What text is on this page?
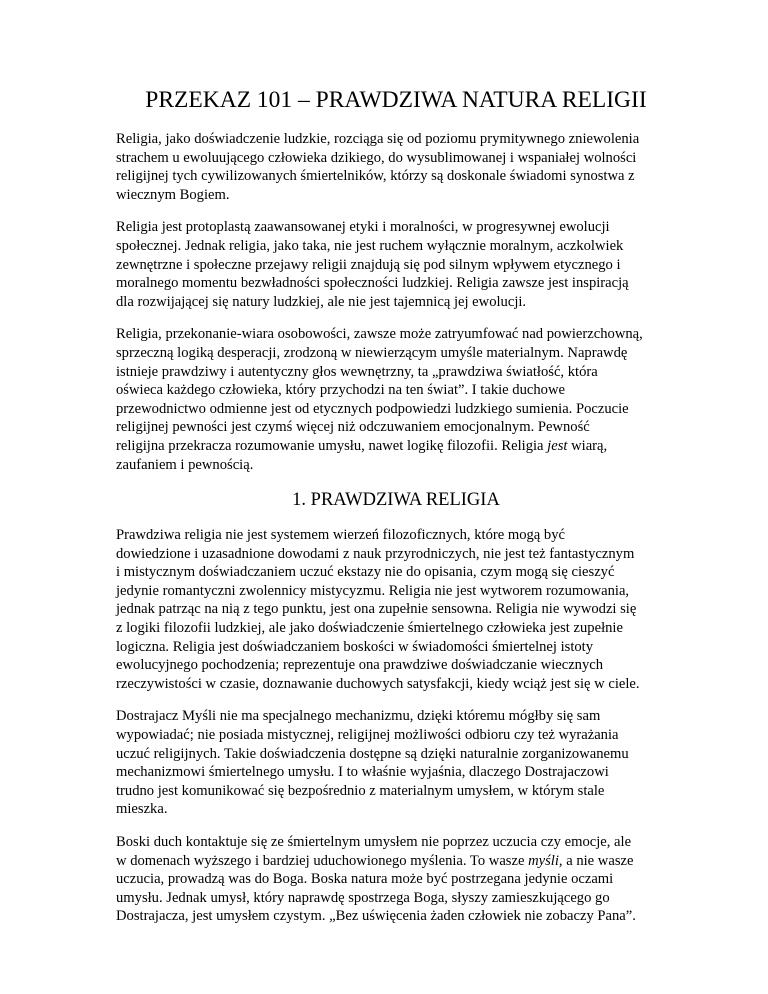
PRZEKAZ 101 – PRAWDZIWA NATURA RELIGII

Religia, jako doświadczenie ludzkie, rozciąga się od poziomu prymitywnego zniewolenia
strachem u ewoluującego człowieka dzikiego, do wysublimowanej i wspaniałej wolności
religijnej tych cywilizowanych śmiertelników, którzy są doskonale świadomi synostwa z
wiecznym Bogiem.

Religia jest protoplastą zaawansowanej etyki i moralności, w progresywnej ewolucji
społecznej. Jednak religia, jako taka, nie jest ruchem wyłącznie moralnym, aczkolwiek
zewnętrzne i społeczne przejawy religii znajdują się pod silnym wpływem etycznego i
moralnego momentu bezwładności społeczności ludzkiej. Religia zawsze jest inspiracją
dla rozwijającej się natury ludzkiej, ale nie jest tajemnicą jej ewolucji.

Religia, przekonanie-wiara osobowości, zawsze może zatryumfować nad powierzchowną,
sprzeczną logiką desperacji, zrodzoną w niewierzącym umyśle materialnym. Naprawdę
istnieje prawdziwy i autentyczny głos wewnętrzny, ta „prawdziwa światłość, która
oświeca każdego człowieka, który przychodzi na ten świat”. I takie duchowe
przewodnictwo odmienne jest od etycznych podpowiedzi ludzkiego sumienia. Poczucie
religijnej pewności jest czymś więcej niż odczuwaniem emocjonalnym. Pewność
religijna przekracza rozumowanie umysłu, nawet logikę filozofii. Religia jest wiarą,
zaufaniem i pewnością.

1. PRAWDZIWA RELIGIA

Prawdziwa religia nie jest systemem wierzeń filozoficznych, które mogą być
dowiedzione i uzasadnione dowodami z nauk przyrodniczych, nie jest też fantastycznym
i mistycznym doświadczaniem uczuć ekstazy nie do opisania, czym mogą się cieszyć
jedynie romantyczni zwolennicy mistycyzmu. Religia nie jest wytworem rozumowania,
jednak patrząc na nią z tego punktu, jest ona zupełnie sensowna. Religia nie wywodzi się
z logiki filozofii ludzkiej, ale jako doświadczenie śmiertelnego człowieka jest zupełnie
logiczna. Religia jest doświadczaniem boskości w świadomości śmiertelnej istoty
ewolucyjnego pochodzenia; reprezentuje ona prawdziwe doświadczanie wiecznych
rzeczywistości w czasie, doznawanie duchowych satysfakcji, kiedy wciąż jest się w ciele.

Dostrajacz Myśli nie ma specjalnego mechanizmu, dzięki któremu mógłby się sam
wypowiadać; nie posiada mistycznej, religijnej możliwości odbioru czy też wyrażania
uczuć religijnych. Takie doświadczenia dostępne są dzięki naturalnie zorganizowanemu
mechanizmowi śmiertelnego umysłu. I to właśnie wyjaśnia, dlaczego Dostrajaczowi
trudno jest komunikować się bezpośrednio z materialnym umysłem, w którym stale
mieszka.

Boski duch kontaktuje się ze śmiertelnym umysłem nie poprzez uczucia czy emocje, ale
w domenach wyższego i bardziej uduchowionego myślenia. To wasze myśli, a nie wasze
uczucia, prowadzą was do Boga. Boska natura może być postrzegana jedynie oczami
umysłu. Jednak umysł, który naprawdę spostrzega Boga, słyszy zamieszkującego go
Dostrajacza, jest umysłem czystym. „Bez uświęcenia żaden człowiek nie zobaczy Pana”.
